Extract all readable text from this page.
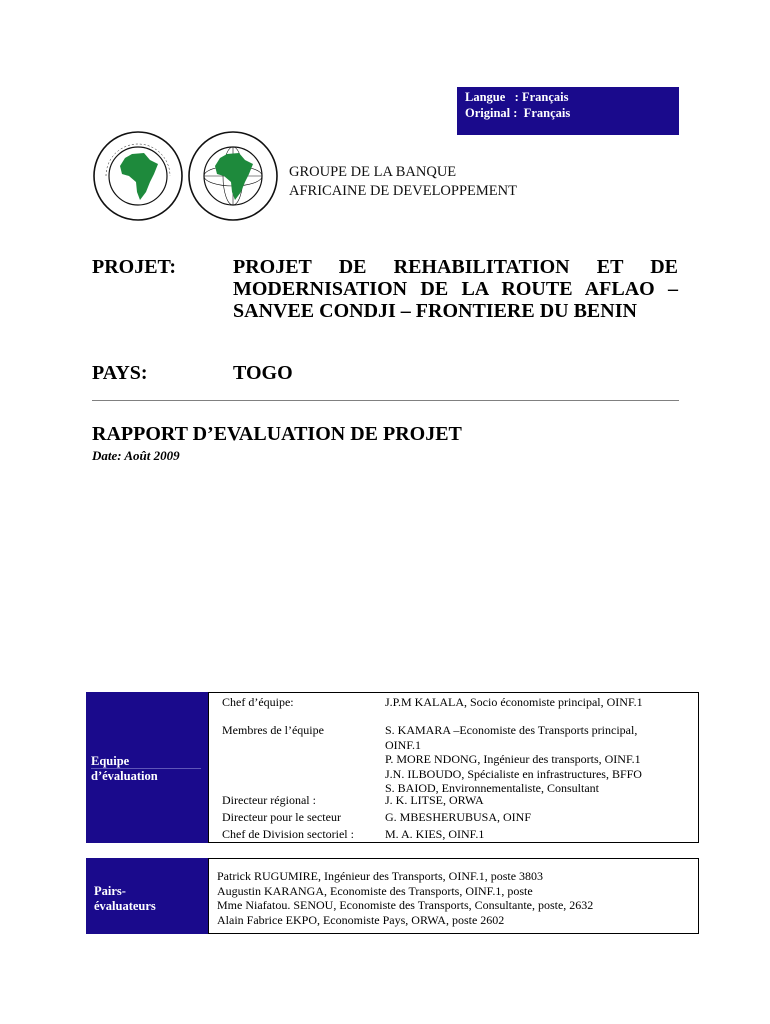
Langue   : Français
Original :  Français
GROUPE DE LA BANQUE
AFRICAINE DE DEVELOPPEMENT
PROJET:	PROJET DE REHABILITATION ET DE
MODERNISATION DE LA ROUTE AFLAO –
SANVEE CONDJI – FRONTIERE DU BENIN
PAYS:	TOGO
RAPPORT D’EVALUATION DE PROJET
Date: Août 2009
Equipe
d’évaluation
Chef d’équipe:	J.P.M KALALA, Socio économiste principal, OINF.1
Membres de l’équipe	S. KAMARA –Economiste des Transports principal,
OINF.1
P. MORE NDONG, Ingénieur des transports, OINF.1
J.N. ILBOUDO, Spécialiste en infrastructures, BFFO
S. BAIOD, Environnementaliste, Consultant
Directeur régional :	J. K. LITSE, ORWA
Directeur pour le secteur	G. MBESHERUBUSA, OINF
Chef de Division sectoriel :	M. A. KIES, OINF.1
Pairs-
évaluateurs
Patrick RUGUMIRE, Ingénieur des Transports, OINF.1, poste 3803
Augustin KARANGA, Economiste des Transports, OINF.1, poste
Mme Niafatou. SENOU, Economiste des Transports, Consultante, poste, 2632
Alain Fabrice EKPO, Economiste Pays, ORWA, poste 2602
